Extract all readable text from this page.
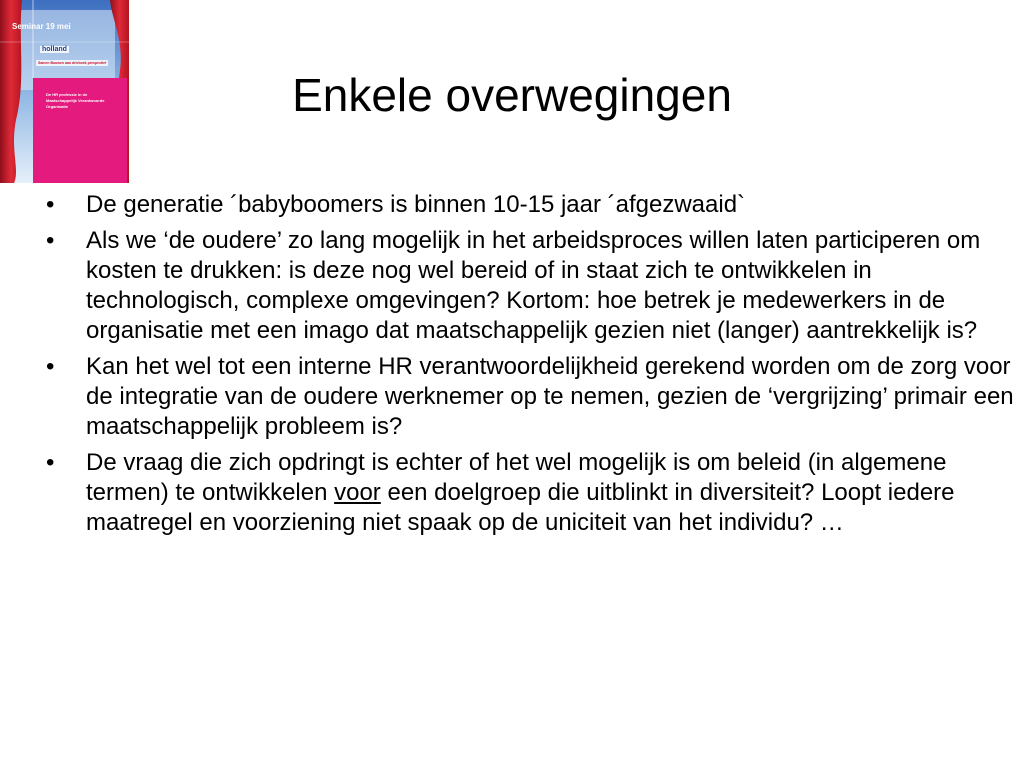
Seminar 19 mei
holland
Samen Bouwen aan drieboek perspectief
De HR professie in de Maatschappelijk Verantwoorde Organisatie	Enkele overwegingen
•	De generatie ´babyboomers is binnen 10-15 jaar ´afgezwaaid`
•	Als we ‘de oudere’ zo lang mogelijk in het arbeidsproces willen laten participeren om kosten te drukken: is deze nog wel bereid of in staat zich te ontwikkelen in technologisch, complexe omgevingen? Kortom: hoe betrek je medewerkers in de organisatie met een imago dat maatschappelijk gezien niet (langer) aantrekkelijk is?
•	Kan het wel tot een interne HR verantwoordelijkheid gerekend worden om de zorg voor de integratie van de oudere werknemer op te nemen, gezien de ‘vergrijzing’ primair een maatschappelijk probleem is?
•	De vraag die zich opdringt is echter of het wel mogelijk is om beleid (in algemene termen) te ontwikkelen voor een doelgroep die uitblinkt in diversiteit? Loopt iedere maatregel en voorziening niet spaak op de uniciteit van het individu? …
